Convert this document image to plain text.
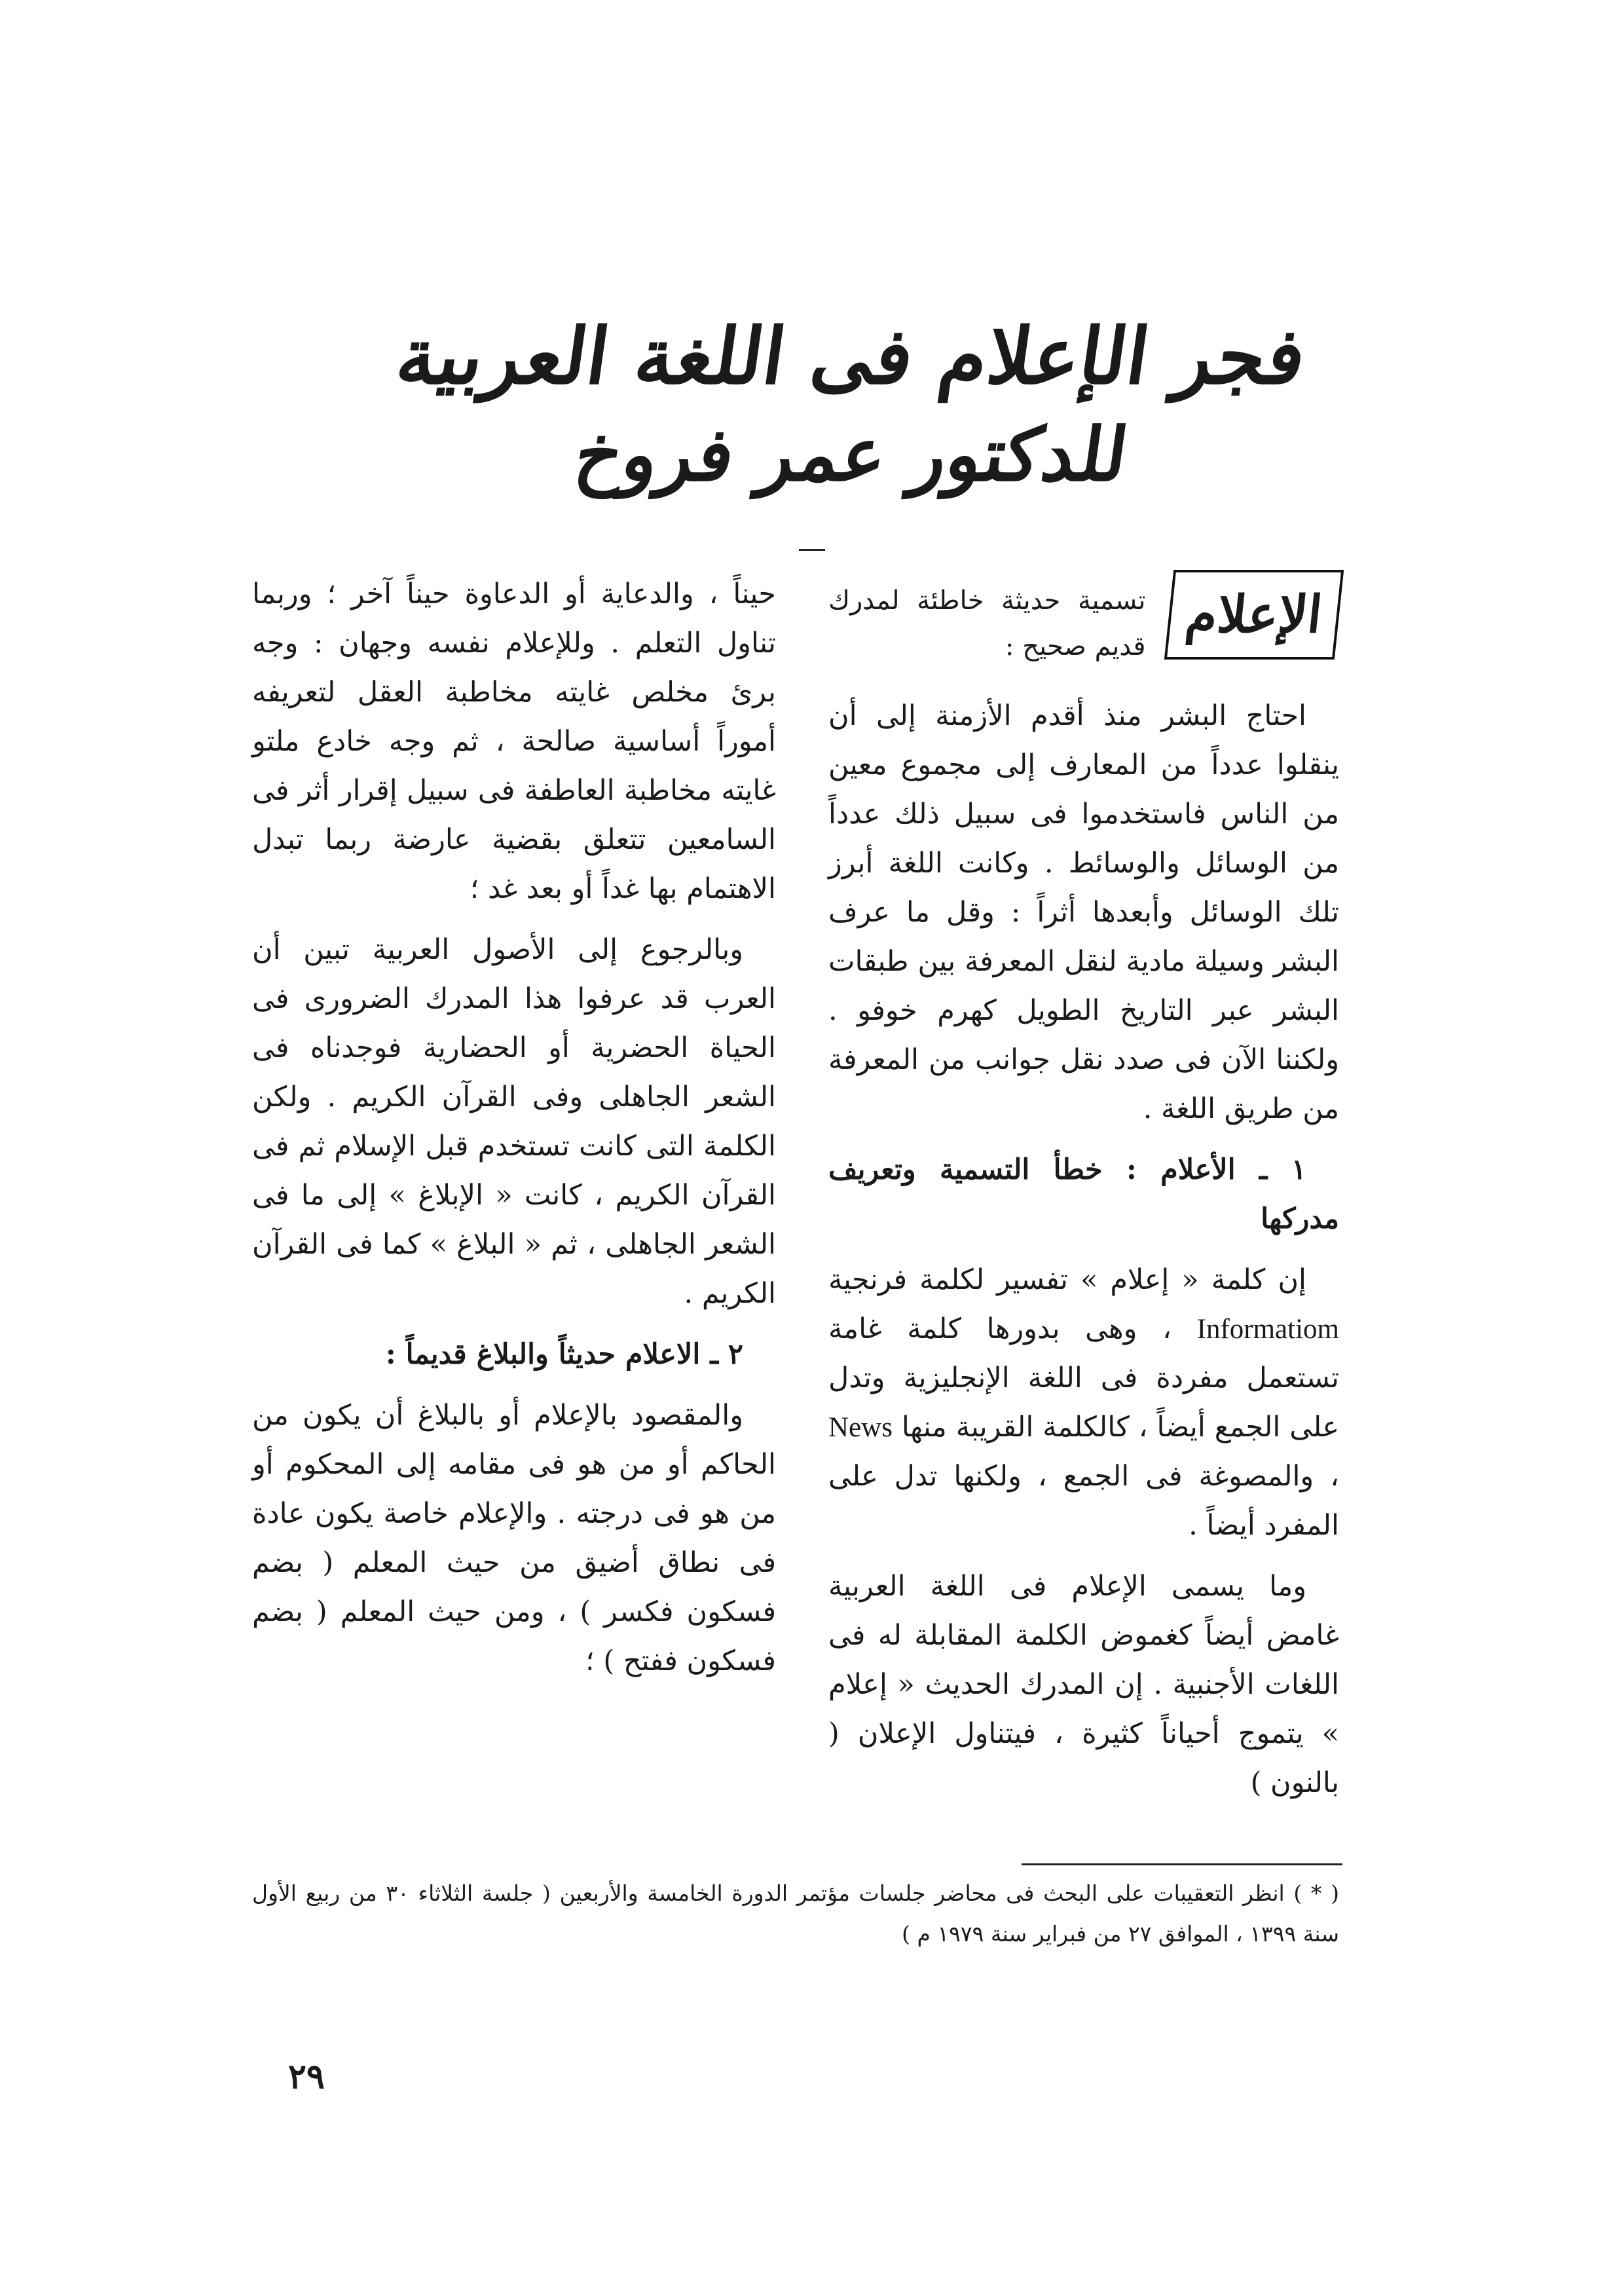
فجر الإعلام فى اللغة العربية
للدكتور عمر فروخ
الإعلام
تسمية حديثة خاطئة لمدرك قديم صحيح :

احتاج البشر منذ أقدم الأزمنة إلى أن ينقلوا عدداً من المعارف إلى مجموع معين من الناس فاستخدموا فى سبيل ذلك عدداً من الوسائل والوسائط . وكانت اللغة أبرز تلك الوسائل وأبعدها أثراً : وقل ما عرف البشر وسيلة مادية لنقل المعرفة بين طبقات البشر عبر التاريخ الطويل كهرم خوفو . ولكننا الآن فى صدد نقل جوانب من المعرفة من طريق اللغة .

١ ـ الأعلام : خطأ التسمية وتعريف مدركها

إن كلمة « إعلام » تفسير لكلمة فرنجية Informatiom ، وهى بدورها كلمة غامة تستعمل مفردة فى اللغة الإنجليزية وتدل على الجمع أيضاً ، كالكلمة القريبة منها News ، والمصوغة فى الجمع ، ولكنها تدل على المفرد أيضاً .

وما يسمى الإعلام فى اللغة العربية غامض أيضاً كغموض الكلمة المقابلة له فى اللغات الأجنبية . إن المدرك الحديث « إعلام » يتموج أحياناً كثيرة ، فيتناول الإعلان ( بالنون )

حيناً ، والدعاية أو الدعاوة حيناً آخر ؛ وربما تناول التعلم . وللإعلام نفسه وجهان : وجه برئ مخلص غايته مخاطبة العقل لتعريفه أموراً أساسية صالحة ، ثم وجه خادع ملتو غايته مخاطبة العاطفة فى سبيل إقرار أثر فى السامعين تتعلق بقضية عارضة ربما تبدل الاهتمام بها غداً أو بعد غد ؛

وبالرجوع إلى الأصول العربية تبين أن العرب قد عرفوا هذا المدرك الضرورى فى الحياة الحضرية أو الحضارية فوجدناه فى الشعر الجاهلى وفى القرآن الكريم . ولكن الكلمة التى كانت تستخدم قبل الإسلام ثم فى القرآن الكريم ، كانت « الإبلاغ » إلى ما فى الشعر الجاهلى ، ثم « البلاغ » كما فى القرآن الكريم .

٢ ـ الاعلام حديثاً والبلاغ قديماً :

والمقصود بالإعلام أو بالبلاغ أن يكون من الحاكم أو من هو فى مقامه إلى المحكوم أو من هو فى درجته . والإعلام خاصة يكون عادة فى نطاق أضيق من حيث المعلم ( بضم فسكون فكسر ) ، ومن حيث المعلم ( بضم فسكون ففتح ) ؛

( * ) انظر التعقيبات على البحث فى محاضر جلسات مؤتمر الدورة الخامسة والأربعين ( جلسة الثلاثاء ٣٠ من ربيع الأول سنة ١٣٩٩ ، الموافق ٢٧ من فبراير سنة ١٩٧٩ م )
٢٩
